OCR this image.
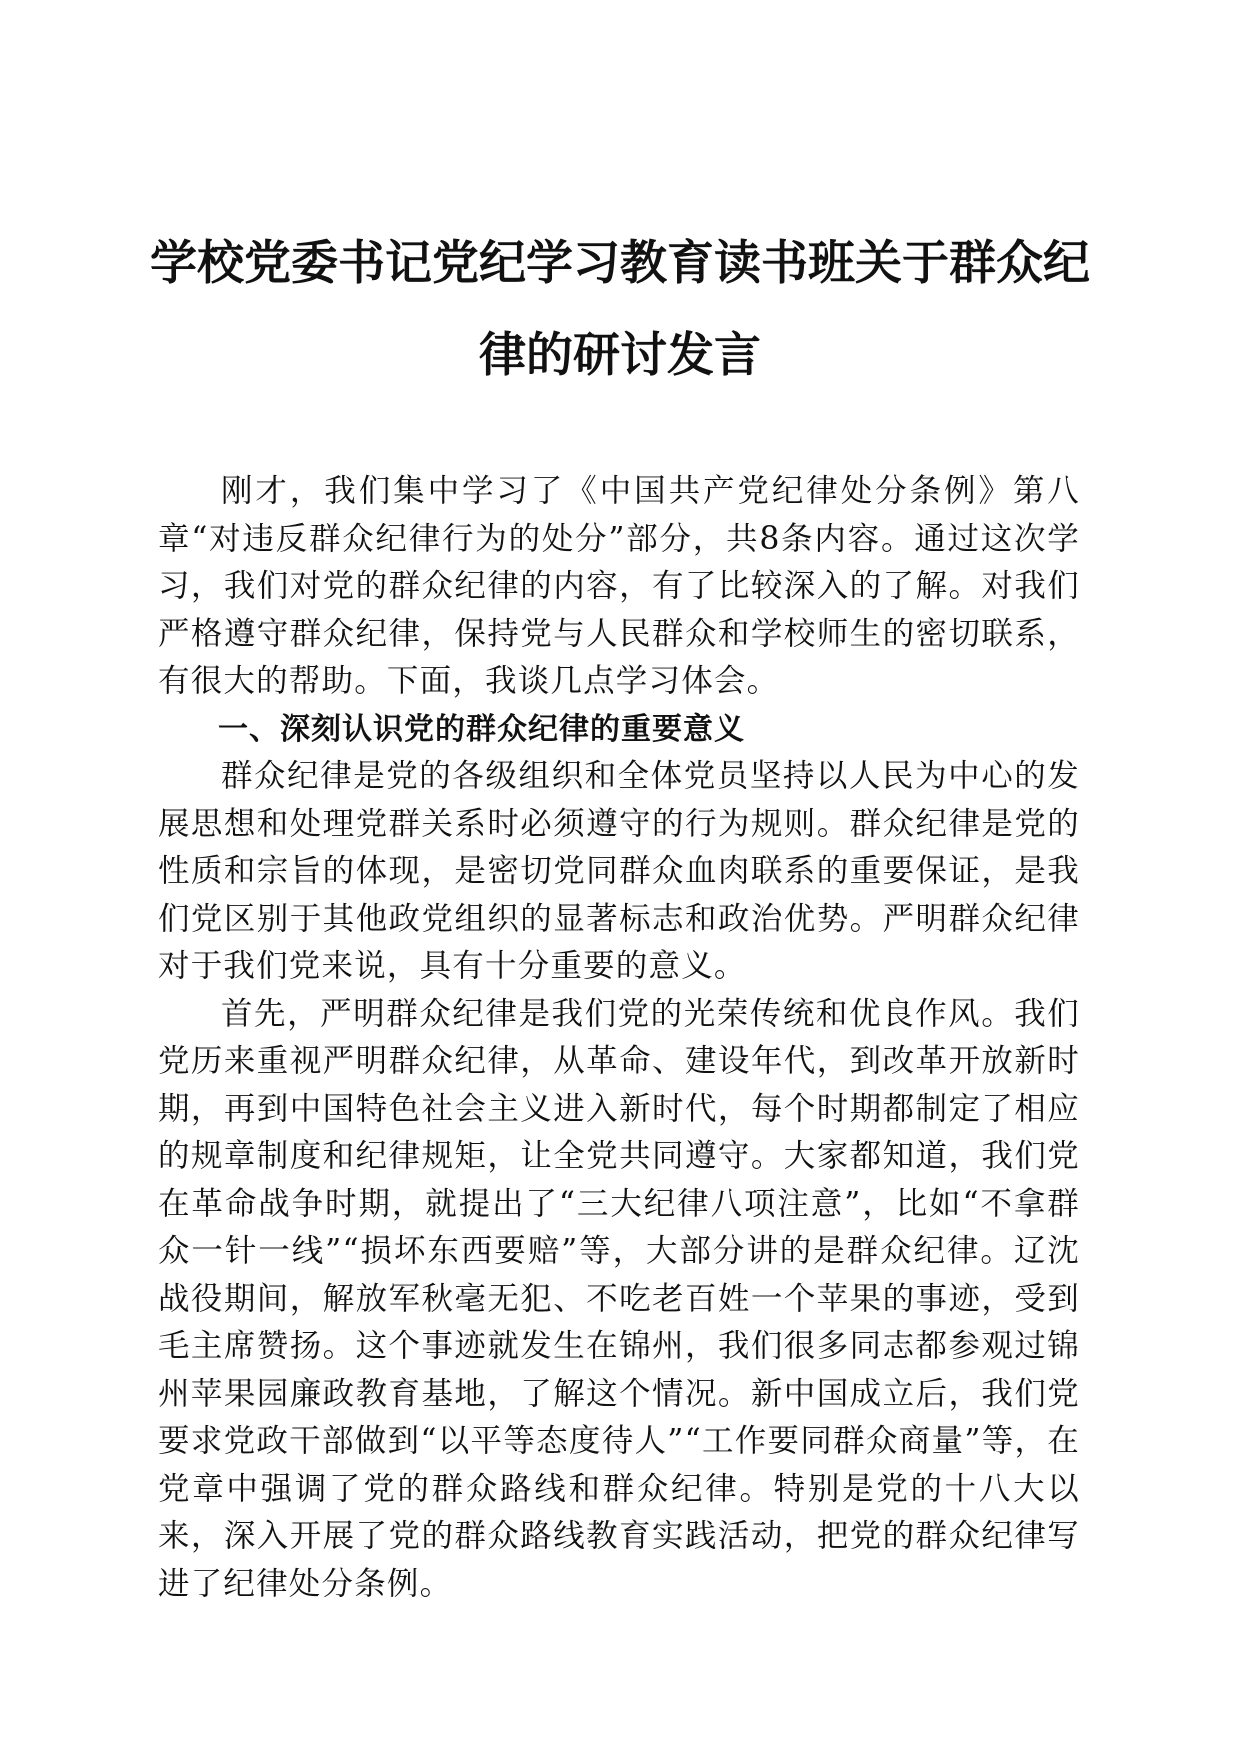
学校党委书记党纪学习教育读书班关于群众纪律的研讨发言

刚才，我们集中学习了《中国共产党纪律处分条例》第八章“对违反群众纪律行为的处分”部分，共8条内容。通过这次学习，我们对党的群众纪律的内容，有了比较深入的了解。对我们严格遵守群众纪律，保持党与人民群众和学校师生的密切联系，有很大的帮助。下面，我谈几点学习体会。

一、深刻认识党的群众纪律的重要意义

群众纪律是党的各级组织和全体党员坚持以人民为中心的发展思想和处理党群关系时必须遵守的行为规则。群众纪律是党的性质和宗旨的体现，是密切党同群众血肉联系的重要保证，是我们党区别于其他政党组织的显著标志和政治优势。严明群众纪律对于我们党来说，具有十分重要的意义。

首先，严明群众纪律是我们党的光荣传统和优良作风。我们党历来重视严明群众纪律，从革命、建设年代，到改革开放新时期，再到中国特色社会主义进入新时代，每个时期都制定了相应的规章制度和纪律规矩，让全党共同遵守。大家都知道，我们党在革命战争时期，就提出了“三大纪律八项注意”，比如“不拿群众一针一线”“损坏东西要赔”等，大部分讲的是群众纪律。辽沈战役期间，解放军秋毫无犯、不吃老百姓一个苹果的事迹，受到毛主席赞扬。这个事迹就发生在锦州，我们很多同志都参观过锦州苹果园廉政教育基地，了解这个情况。新中国成立后，我们党要求党政干部做到“以平等态度待人”“工作要同群众商量”等，在党章中强调了党的群众路线和群众纪律。特别是党的十八大以来，深入开展了党的群众路线教育实践活动，把党的群众纪律写进了纪律处分条例。
